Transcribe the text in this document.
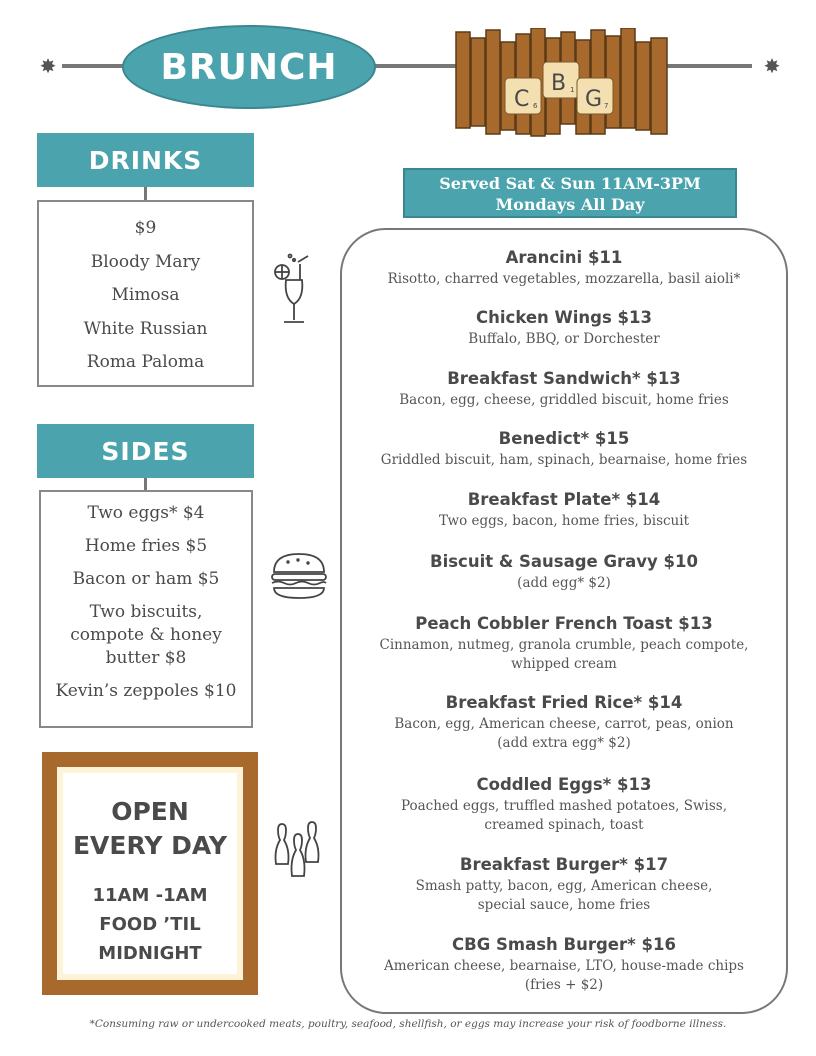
✸	✸
BRUNCH
C 6
B 1 G 7
DRINKS
$9
Bloody Mary
Mimosa
White Russian
Roma Paloma
SIDES
Two eggs* $4
Home fries $5
Bacon or ham $5
Two biscuits, compote & honey butter $8
Kevin’s zeppoles $10
OPEN
EVERY DAY
11AM -1AM
FOOD ’TIL
MIDNIGHT
Served Sat & Sun 11AM-3PM
Mondays All Day
Arancini $11
Risotto, charred vegetables, mozzarella, basil aioli*
Chicken Wings $13
Buffalo, BBQ, or Dorchester
Breakfast Sandwich* $13
Bacon, egg, cheese, griddled biscuit, home fries
Benedict* $15
Griddled biscuit, ham, spinach, bearnaise, home fries
Breakfast Plate* $14
Two eggs, bacon, home fries, biscuit
Biscuit & Sausage Gravy $10
(add egg* $2)
Peach Cobbler French Toast $13
Cinnamon, nutmeg, granola crumble, peach compote, whipped cream
Breakfast Fried Rice* $14
Bacon, egg, American cheese, carrot, peas, onion (add extra egg* $2)
Coddled Eggs* $13
Poached eggs, truffled mashed potatoes, Swiss, creamed spinach, toast
Breakfast Burger* $17
Smash patty, bacon, egg, American cheese, special sauce, home fries
CBG Smash Burger* $16
American cheese, bearnaise, LTO, house-made chips (fries + $2)
*Consuming raw or undercooked meats, poultry, seafood, shellfish, or eggs may increase your risk of foodborne illness.
